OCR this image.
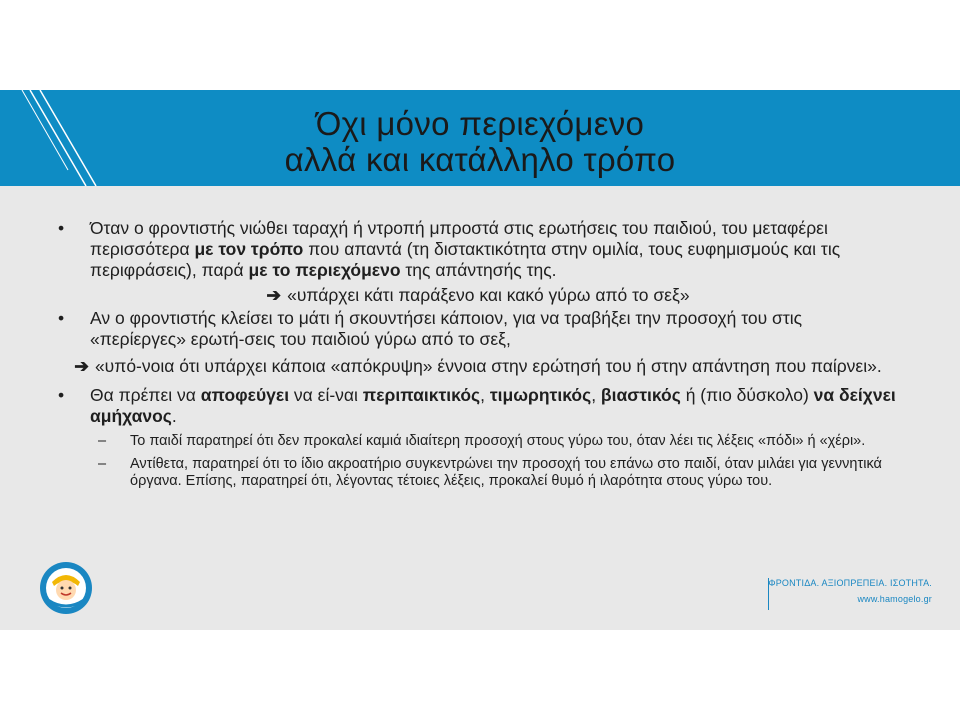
Όχι μόνο περιεχόμενο
αλλά και κατάλληλο τρόπο

• Όταν ο φροντιστής νιώθει ταραχή ή ντροπή μπροστά στις ερωτήσεις του παιδιού, του μεταφέρει περισσότερα με τον τρόπο που απαντά (τη διστακτικότητα στην ομιλία, τους ευφημισμούς και τις περιφράσεις), παρά με το περιεχόμενο της απάντησής της.

➔ «υπάρχει κάτι παράξενο και κακό γύρω από το σεξ»

• Αν ο φροντιστής κλείσει το μάτι ή σκουντήσει κάποιον, για να τραβήξει την προσοχή του στις «περίεργες» ερωτή-σεις του παιδιού γύρω από το σεξ,

➔ «υπό-νοια ότι υπάρχει κάποια «απόκρυψη» έννοια στην ερώτησή του ή στην απάντηση που παίρνει».

• Θα πρέπει να αποφεύγει να εί-ναι περιπαικτικός, τιμωρητικός, βιαστικός ή (πιο δύσκολο) να δείχνει αμήχανος.

– Το παιδί παρατηρεί ότι δεν προκαλεί καμιά ιδιαίτερη προσοχή στους γύρω του, όταν λέει τις λέξεις «πόδι» ή «χέρι».

– Αντίθετα, παρατηρεί ότι το ίδιο ακροατήριο συγκεντρώνει την προσοχή του επάνω στο παιδί, όταν μιλάει για γεννητικά όργανα. Επίσης, παρατηρεί ότι, λέγοντας τέτοιες λέξεις, προκαλεί θυμό ή ιλαρότητα στους γύρω του.

ΦΡΟΝΤΙΔΑ. ΑΞΙΟΠΡΕΠΕΙΑ. ΙΣΟΤΗΤΑ.
www.hamogelo.gr
